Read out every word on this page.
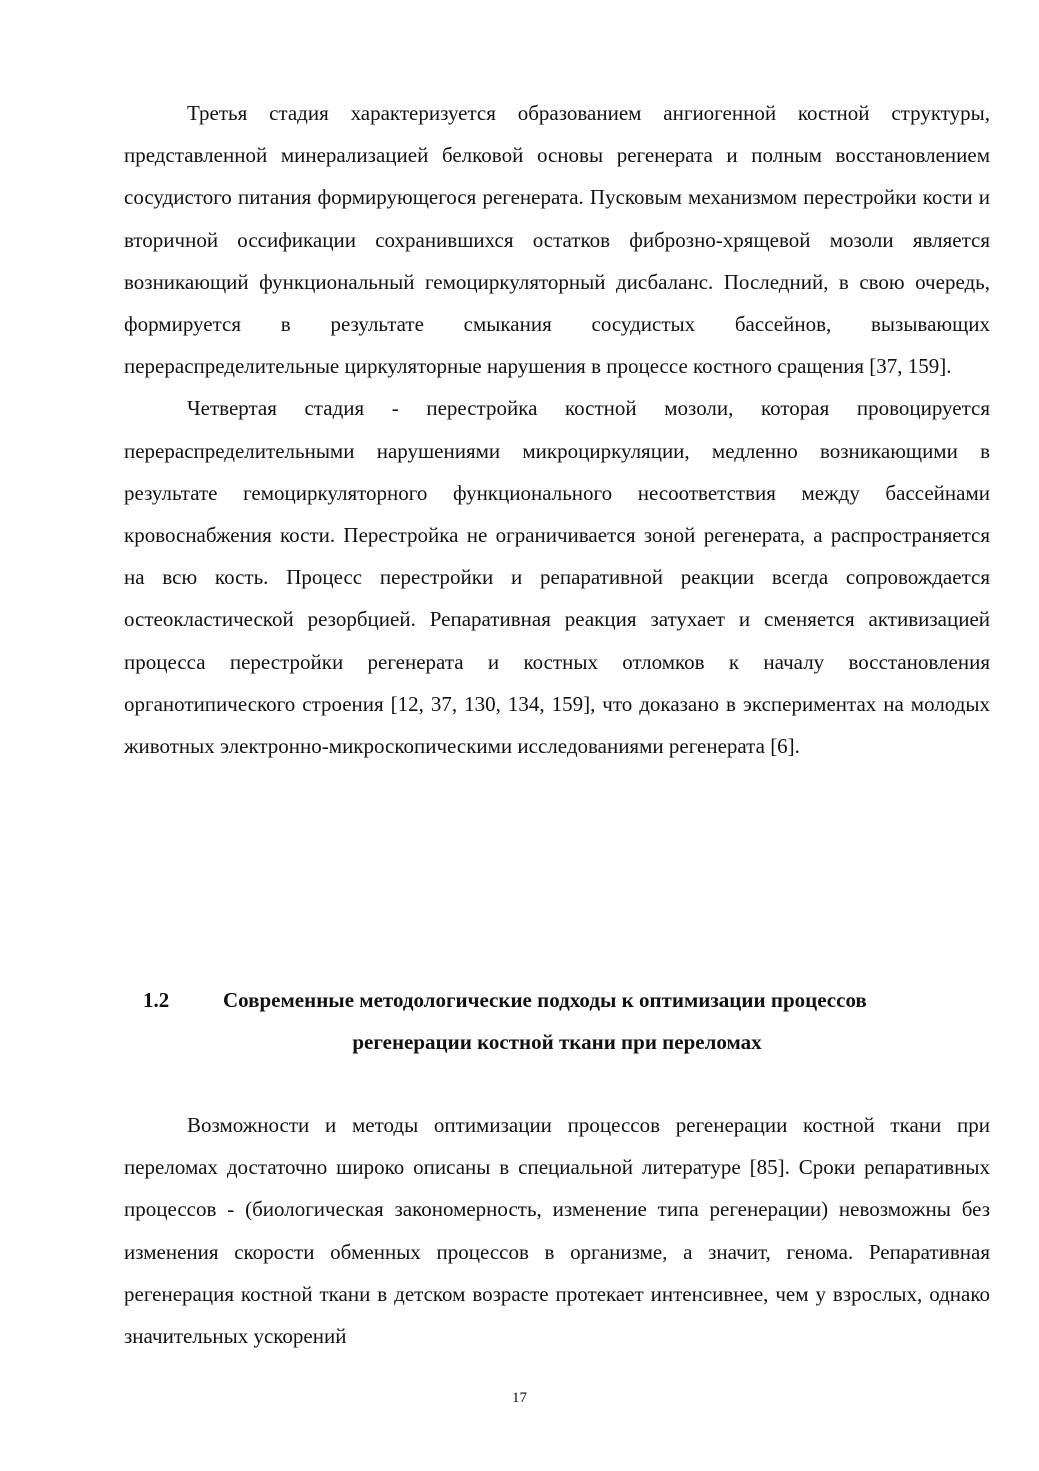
Третья стадия характеризуется образованием ангиогенной костной структуры, представленной минерализацией белковой основы регенерата и полным восстановлением сосудистого питания формирующегося регенерата. Пусковым механизмом перестройки кости и вторичной оссификации сохранившихся остатков фиброзно-хрящевой мозоли является возникающий функциональный гемоциркуляторный дисбаланс. Последний, в свою очередь, формируется в результате смыкания сосудистых бассейнов, вызывающих перераспределительные циркуляторные нарушения в процессе костного сращения [37, 159].

Четвертая стадия - перестройка костной мозоли, которая провоцируется перераспределительными нарушениями микроциркуляции, медленно возникающими в результате гемоциркуляторного функционального несоответствия между бассейнами кровоснабжения кости. Перестройка не ограничивается зоной регенерата, а распространяется на всю кость. Процесс перестройки и репаративной реакции всегда сопровождается остеокластической резорбцией. Репаративная реакция затухает и сменяется активизацией процесса перестройки регенерата и костных отломков к началу восстановления органотипического строения [12, 37, 130, 134, 159], что доказано в экспериментах на молодых животных электронно-микроскопическими исследованиями регенерата [6].

1.2	Современные методологические подходы к оптимизации процессов
регенерации костной ткани при переломах

Возможности и методы оптимизации процессов регенерации костной ткани при переломах достаточно широко описаны в специальной литературе [85]. Сроки репаративных процессов - (биологическая закономерность, изменение типа регенерации) невозможны без изменения скорости обменных процессов в организме, а значит, генома. Репаративная регенерация костной ткани в детском возрасте протекает интенсивнее, чем у взрослых, однако значительных ускорений

17
